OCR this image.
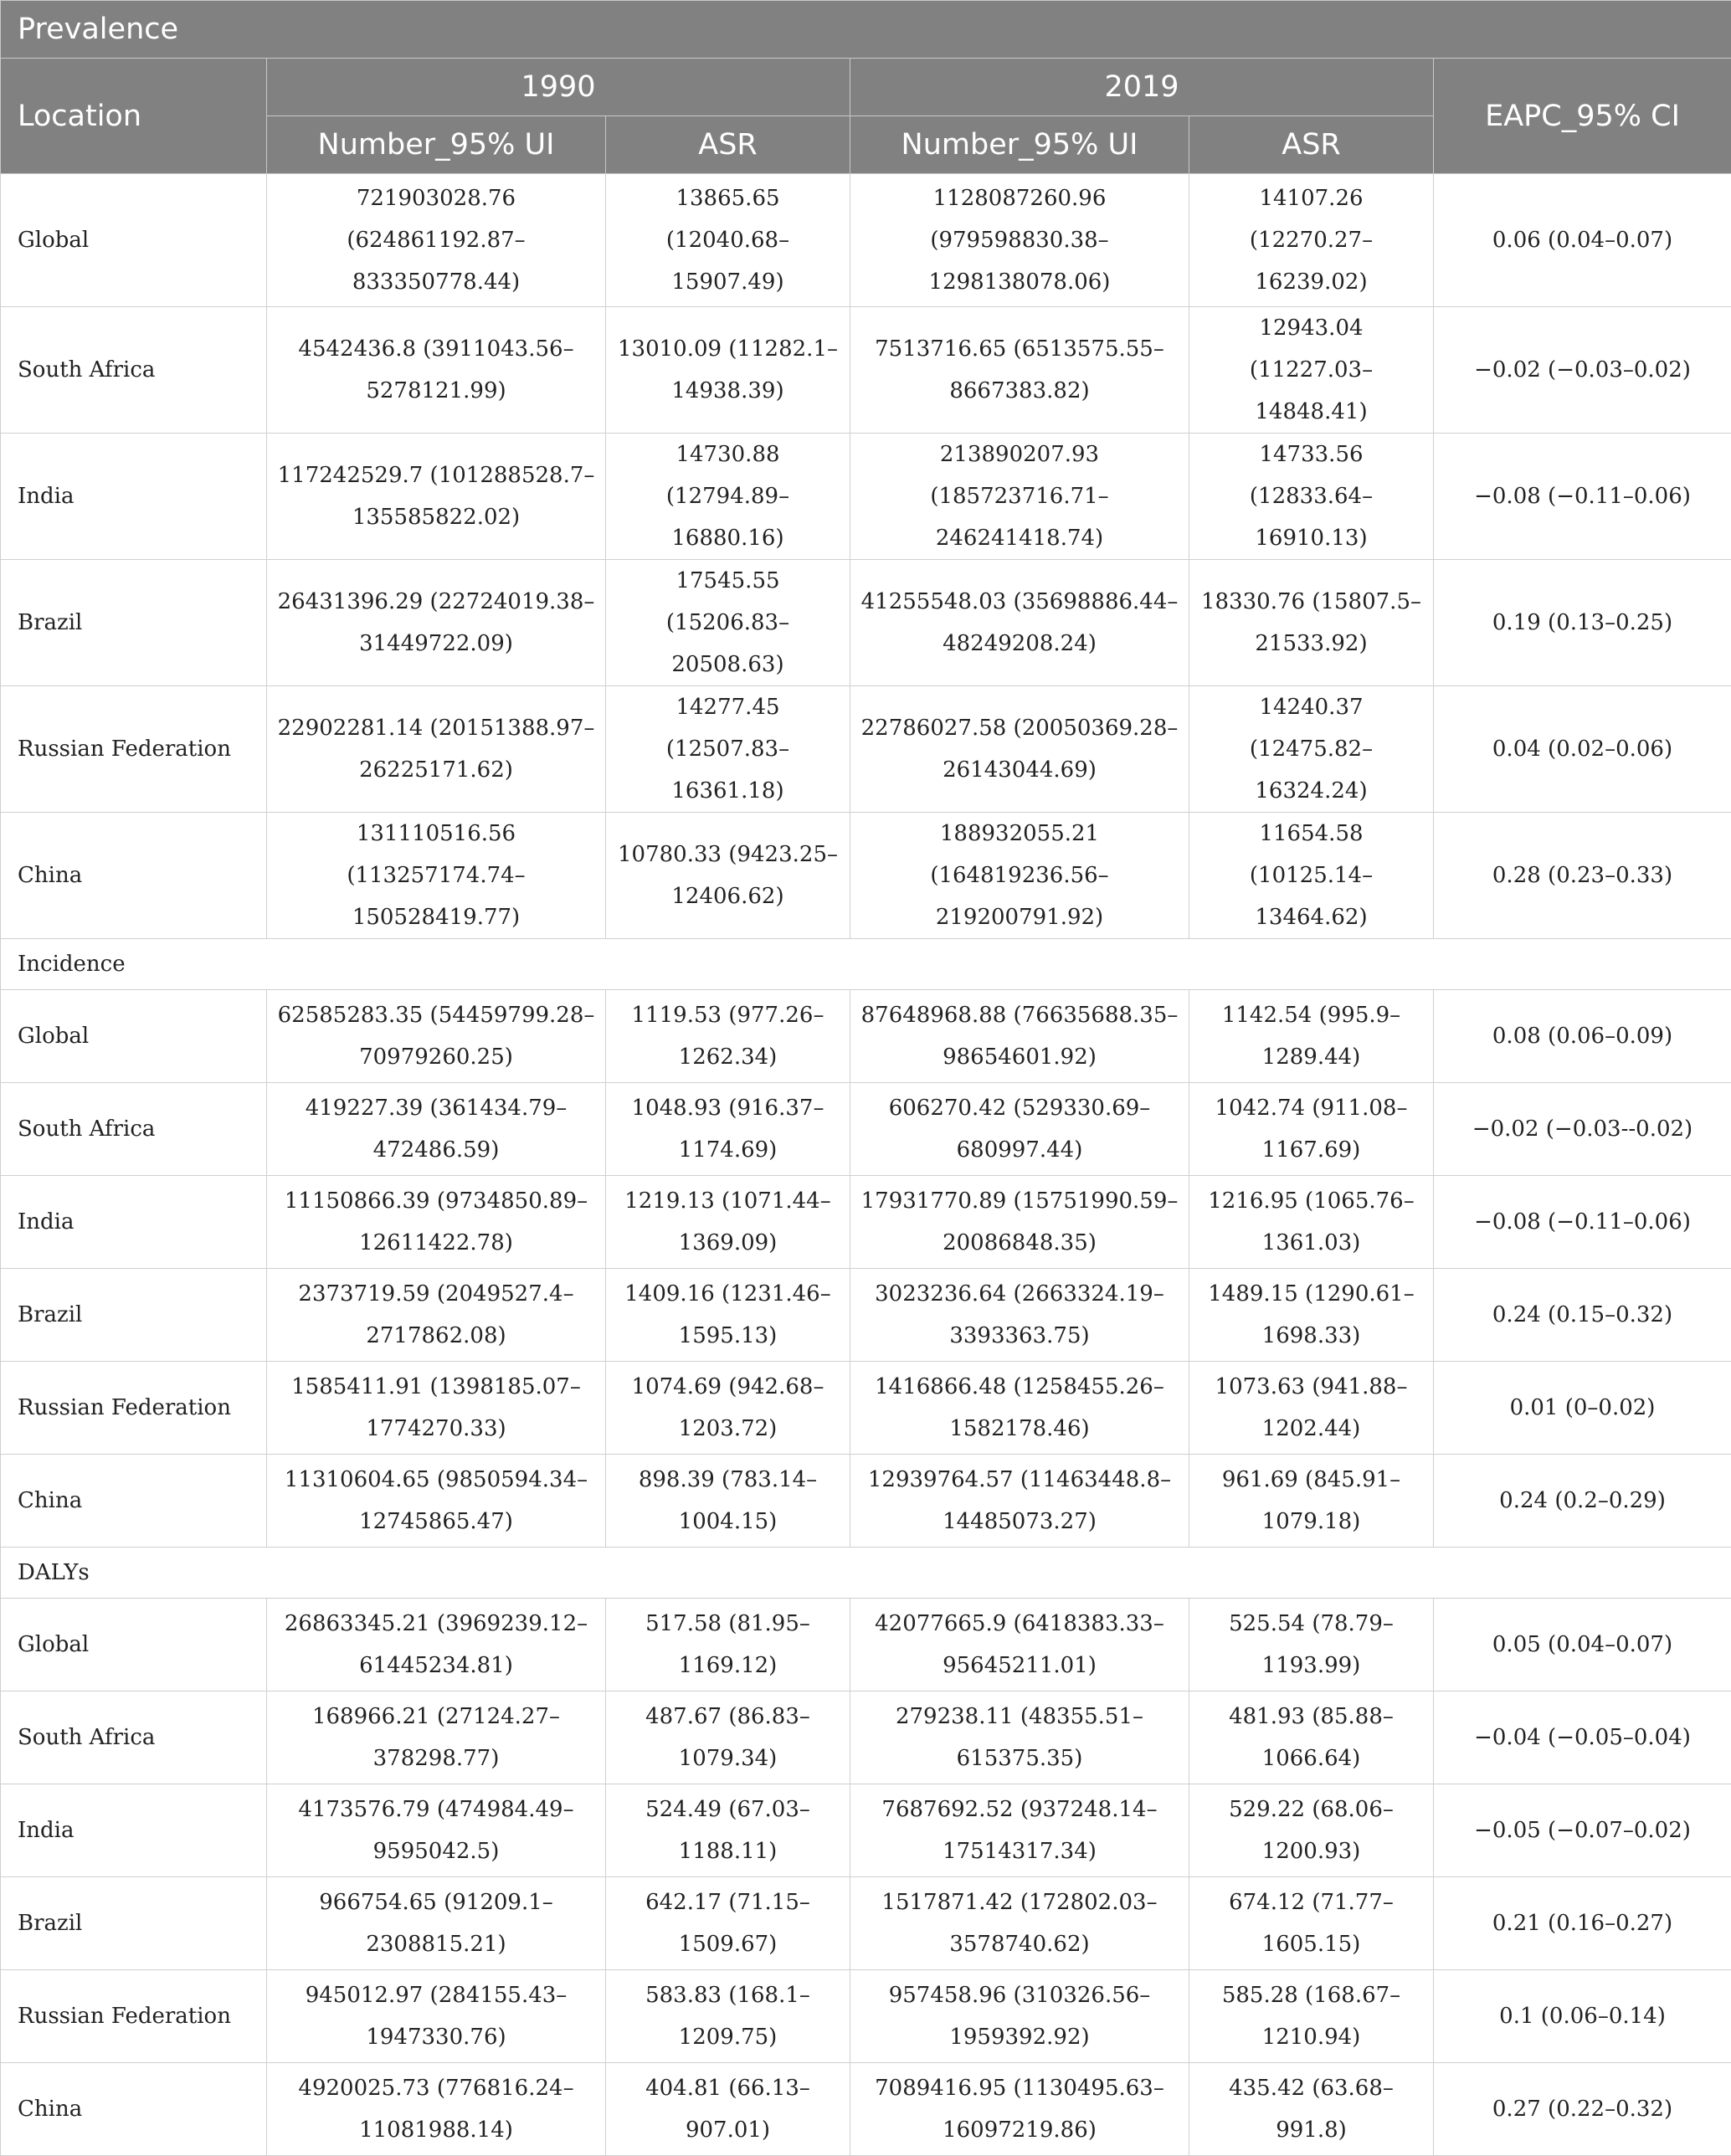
Prevalence					
Location	1990		2019		EAPC_95% CI
	Number_95% UI	ASR	Number_95% UI	ASR	
Global	721903028.76 (624861192.87–833350778.44)	13865.65 (12040.68–15907.49)	1128087260.96 (979598830.38–1298138078.06)	14107.26 (12270.27–16239.02)	0.06 (0.04–0.07)
South Africa	4542436.8 (3911043.56–5278121.99)	13010.09 (11282.1–14938.39)	7513716.65 (6513575.55–8667383.82)	12943.04 (11227.03–14848.41)	−0.02 (−0.03–0.02)
India	117242529.7 (101288528.7–135585822.02)	14730.88 (12794.89–16880.16)	213890207.93 (185723716.71–246241418.74)	14733.56 (12833.64–16910.13)	−0.08 (−0.11–0.06)
Brazil	26431396.29 (22724019.38–31449722.09)	17545.55 (15206.83–20508.63)	41255548.03 (35698886.44–48249208.24)	18330.76 (15807.5–21533.92)	0.19 (0.13–0.25)
Russian Federation	22902281.14 (20151388.97–26225171.62)	14277.45 (12507.83–16361.18)	22786027.58 (20050369.28–26143044.69)	14240.37 (12475.82–16324.24)	0.04 (0.02–0.06)
China	131110516.56 (113257174.74–150528419.77)	10780.33 (9423.25–12406.62)	188932055.21 (164819236.56–219200791.92)	11654.58 (10125.14–13464.62)	0.28 (0.23–0.33)
Incidence					
Global	62585283.35 (54459799.28–70979260.25)	1119.53 (977.26–1262.34)	87648968.88 (76635688.35–98654601.92)	1142.54 (995.9–1289.44)	0.08 (0.06–0.09)
South Africa	419227.39 (361434.79–472486.59)	1048.93 (916.37–1174.69)	606270.42 (529330.69–680997.44)	1042.74 (911.08–1167.69)	−0.02 (−0.03--0.02)
India	11150866.39 (9734850.89–12611422.78)	1219.13 (1071.44–1369.09)	17931770.89 (15751990.59–20086848.35)	1216.95 (1065.76–1361.03)	−0.08 (−0.11–0.06)
Brazil	2373719.59 (2049527.4–2717862.08)	1409.16 (1231.46–1595.13)	3023236.64 (2663324.19–3393363.75)	1489.15 (1290.61–1698.33)	0.24 (0.15–0.32)
Russian Federation	1585411.91 (1398185.07–1774270.33)	1074.69 (942.68–1203.72)	1416866.48 (1258455.26–1582178.46)	1073.63 (941.88–1202.44)	0.01 (0–0.02)
China	11310604.65 (9850594.34–12745865.47)	898.39 (783.14–1004.15)	12939764.57 (11463448.8–14485073.27)	961.69 (845.91–1079.18)	0.24 (0.2–0.29)
DALYs					
Global	26863345.21 (3969239.12–61445234.81)	517.58 (81.95–1169.12)	42077665.9 (6418383.33–95645211.01)	525.54 (78.79–1193.99)	0.05 (0.04–0.07)
South Africa	168966.21 (27124.27–378298.77)	487.67 (86.83–1079.34)	279238.11 (48355.51–615375.35)	481.93 (85.88–1066.64)	−0.04 (−0.05–0.04)
India	4173576.79 (474984.49–9595042.5)	524.49 (67.03–1188.11)	7687692.52 (937248.14–17514317.34)	529.22 (68.06–1200.93)	−0.05 (−0.07–0.02)
Brazil	966754.65 (91209.1–2308815.21)	642.17 (71.15–1509.67)	1517871.42 (172802.03–3578740.62)	674.12 (71.77–1605.15)	0.21 (0.16–0.27)
Russian Federation	945012.97 (284155.43–1947330.76)	583.83 (168.1–1209.75)	957458.96 (310326.56–1959392.92)	585.28 (168.67–1210.94)	0.1 (0.06–0.14)
China	4920025.73 (776816.24–11081988.14)	404.81 (66.13–907.01)	7089416.95 (1130495.63–16097219.86)	435.42 (63.68–991.8)	0.27 (0.22–0.32)
